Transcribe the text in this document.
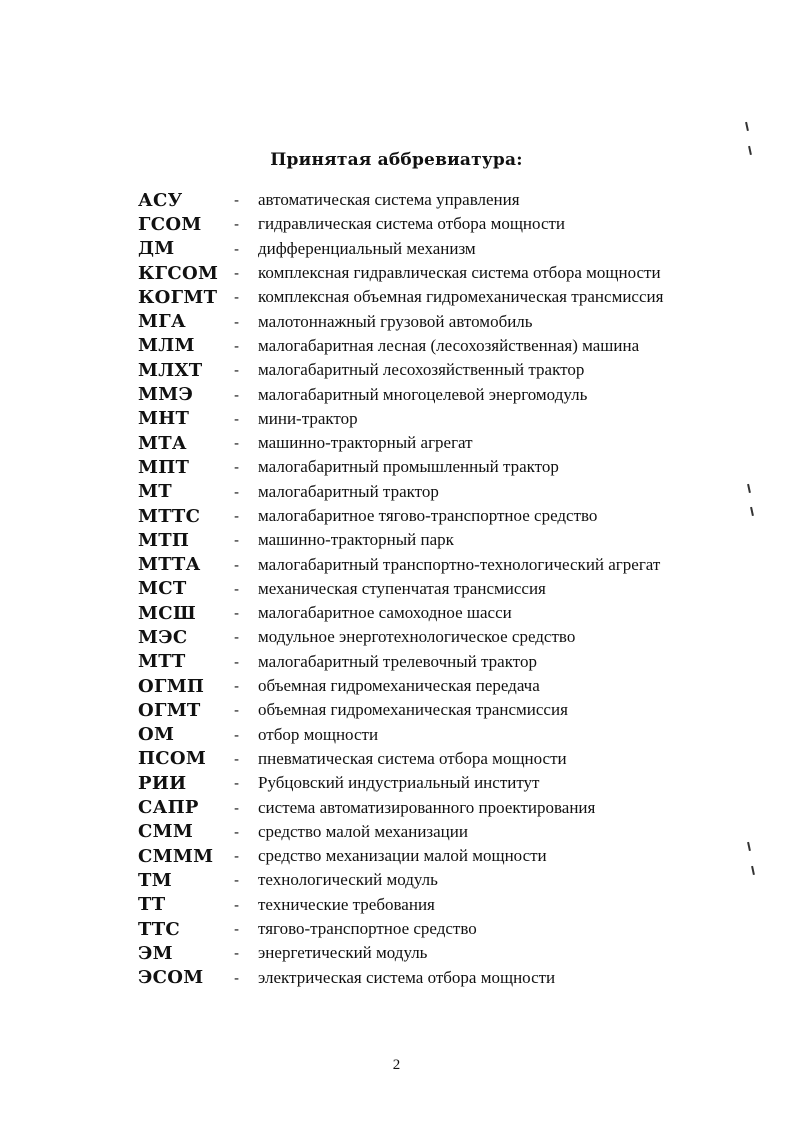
Принятая аббревиатура:
АСУ	-	автоматическая система управления
ГСОМ	-	гидравлическая система отбора мощности
ДМ	-	дифференциальный механизм
КГСОМ	-	комплексная гидравлическая система отбора мощности
КОГМТ	-	комплексная объемная гидромеханическая трансмиссия
МГА	-	малотоннажный грузовой автомобиль
МЛМ	-	малогабаритная лесная (лесохозяйственная) машина
МЛХТ	-	малогабаритный лесохозяйственный трактор
ММЭ	-	малогабаритный многоцелевой энергомодуль
МНТ	-	мини-трактор
МТА	-	машинно-тракторный агрегат
МПТ	-	малогабаритный промышленный трактор
МТ	-	малогабаритный трактор
МТТС	-	малогабаритное тягово-транспортное средство
МТП	-	машинно-тракторный парк
МТТА	-	малогабаритный транспортно-технологический агрегат
МСТ	-	механическая ступенчатая трансмиссия
МСШ	-	малогабаритное самоходное шасси
МЭС	-	модульное энерготехнологическое средство
МТТ	-	малогабаритный трелевочный трактор
ОГМП	-	объемная гидромеханическая передача
ОГМТ	-	объемная гидромеханическая трансмиссия
ОМ	-	отбор мощности
ПСОМ	-	пневматическая система отбора мощности
РИИ	-	Рубцовский индустриальный институт
САПР	-	система автоматизированного проектирования
СММ	-	средство малой механизации
СМММ	-	средство механизации малой мощности
ТМ	-	технологический модуль
ТТ	-	технические требования
ТТС	-	тягово-транспортное средство
ЭМ	-	энергетический модуль
ЭСОМ	-	электрическая система отбора мощности
2
